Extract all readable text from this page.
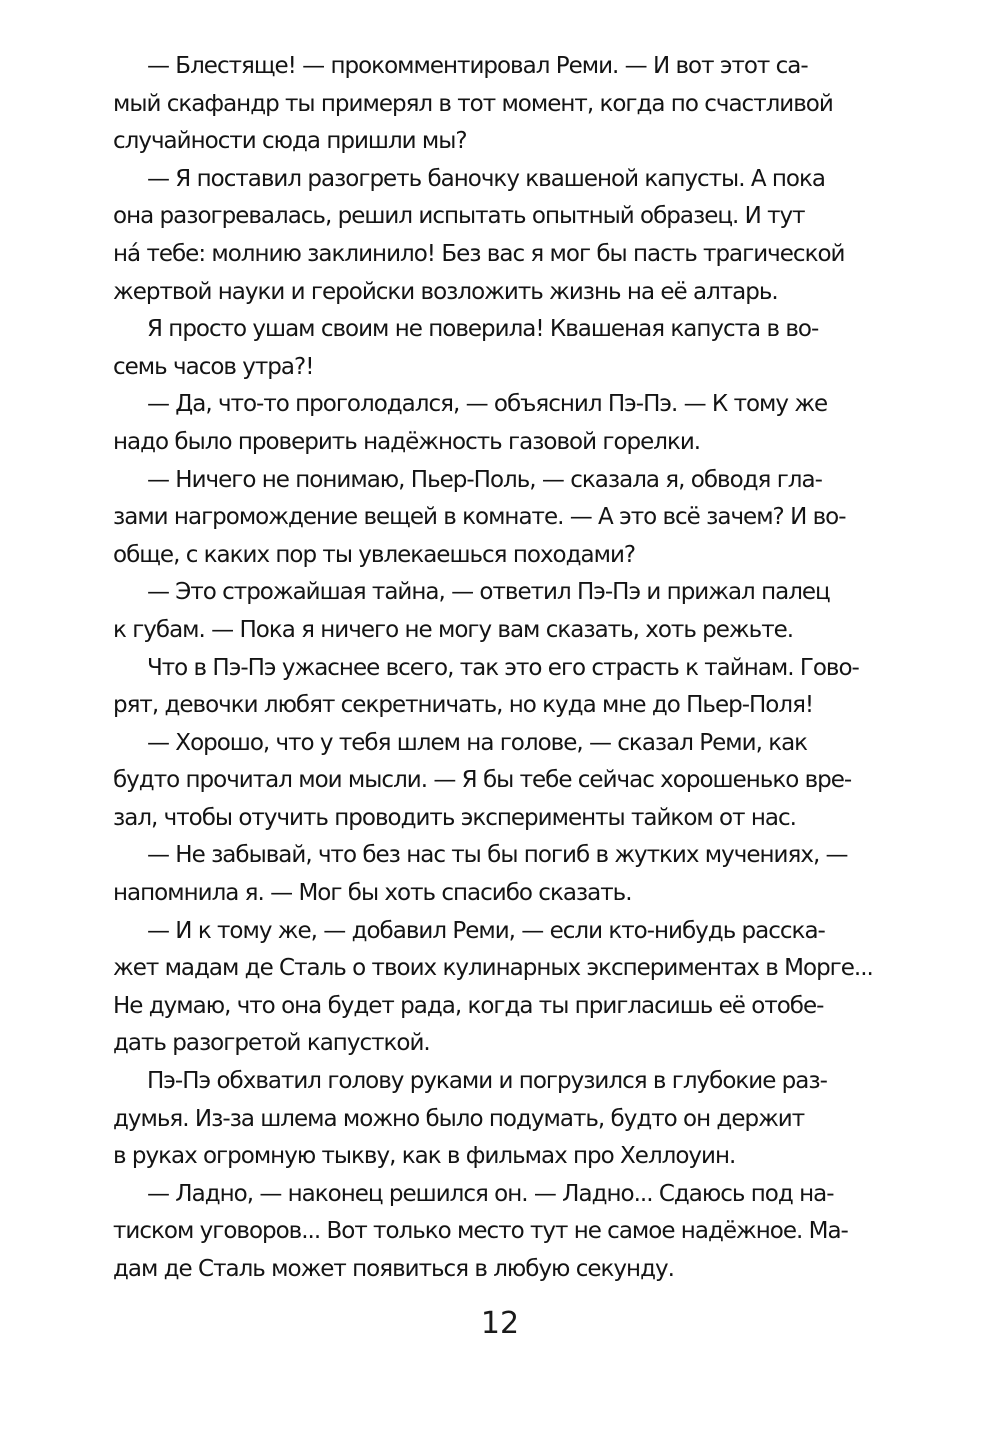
— Блестяще! — прокомментировал Реми. — И вот этот са-
мый скафандр ты примерял в тот момент, когда по счастливой
случайности сюда пришли мы?
— Я поставил разогреть баночку квашеной капусты. А пока
она разогревалась, решил испытать опытный образец. И тут
на́ тебе: молнию заклинило! Без вас я мог бы пасть трагической
жертвой науки и геройски возложить жизнь на её алтарь.
Я просто ушам своим не поверила! Квашеная капуста в во-
семь часов утра?!
— Да, что-то проголодался, — объяснил Пэ-Пэ. — К тому же
надо было проверить надёжность газовой горелки.
— Ничего не понимаю, Пьер-Поль, — сказала я, обводя гла-
зами нагромождение вещей в комнате. — А это всё зачем? И во-
обще, с каких пор ты увлекаешься походами?
— Это строжайшая тайна, — ответил Пэ-Пэ и прижал палец
к губам. — Пока я ничего не могу вам сказать, хоть режьте.
Что в Пэ-Пэ ужаснее всего, так это его страсть к тайнам. Гово-
рят, девочки любят секретничать, но куда мне до Пьер-Поля!
— Хорошо, что у тебя шлем на голове, — сказал Реми, как
будто прочитал мои мысли. — Я бы тебе сейчас хорошенько вре-
зал, чтобы отучить проводить эксперименты тайком от нас.
— Не забывай, что без нас ты бы погиб в жутких мучениях, —
напомнила я. — Мог бы хоть спасибо сказать.
— И к тому же, — добавил Реми, — если кто-нибудь расска-
жет мадам де Сталь о твоих кулинарных экспериментах в Морге...
Не думаю, что она будет рада, когда ты пригласишь её отобе-
дать разогретой капусткой.
Пэ-Пэ обхватил голову руками и погрузился в глубокие раз-
думья. Из-за шлема можно было подумать, будто он держит
в руках огромную тыкву, как в фильмах про Хеллоуин.
— Ладно, — наконец решился он. — Ладно... Сдаюсь под на-
тиском уговоров... Вот только место тут не самое надёжное. Ма-
дам де Сталь может появиться в любую секунду.
12
